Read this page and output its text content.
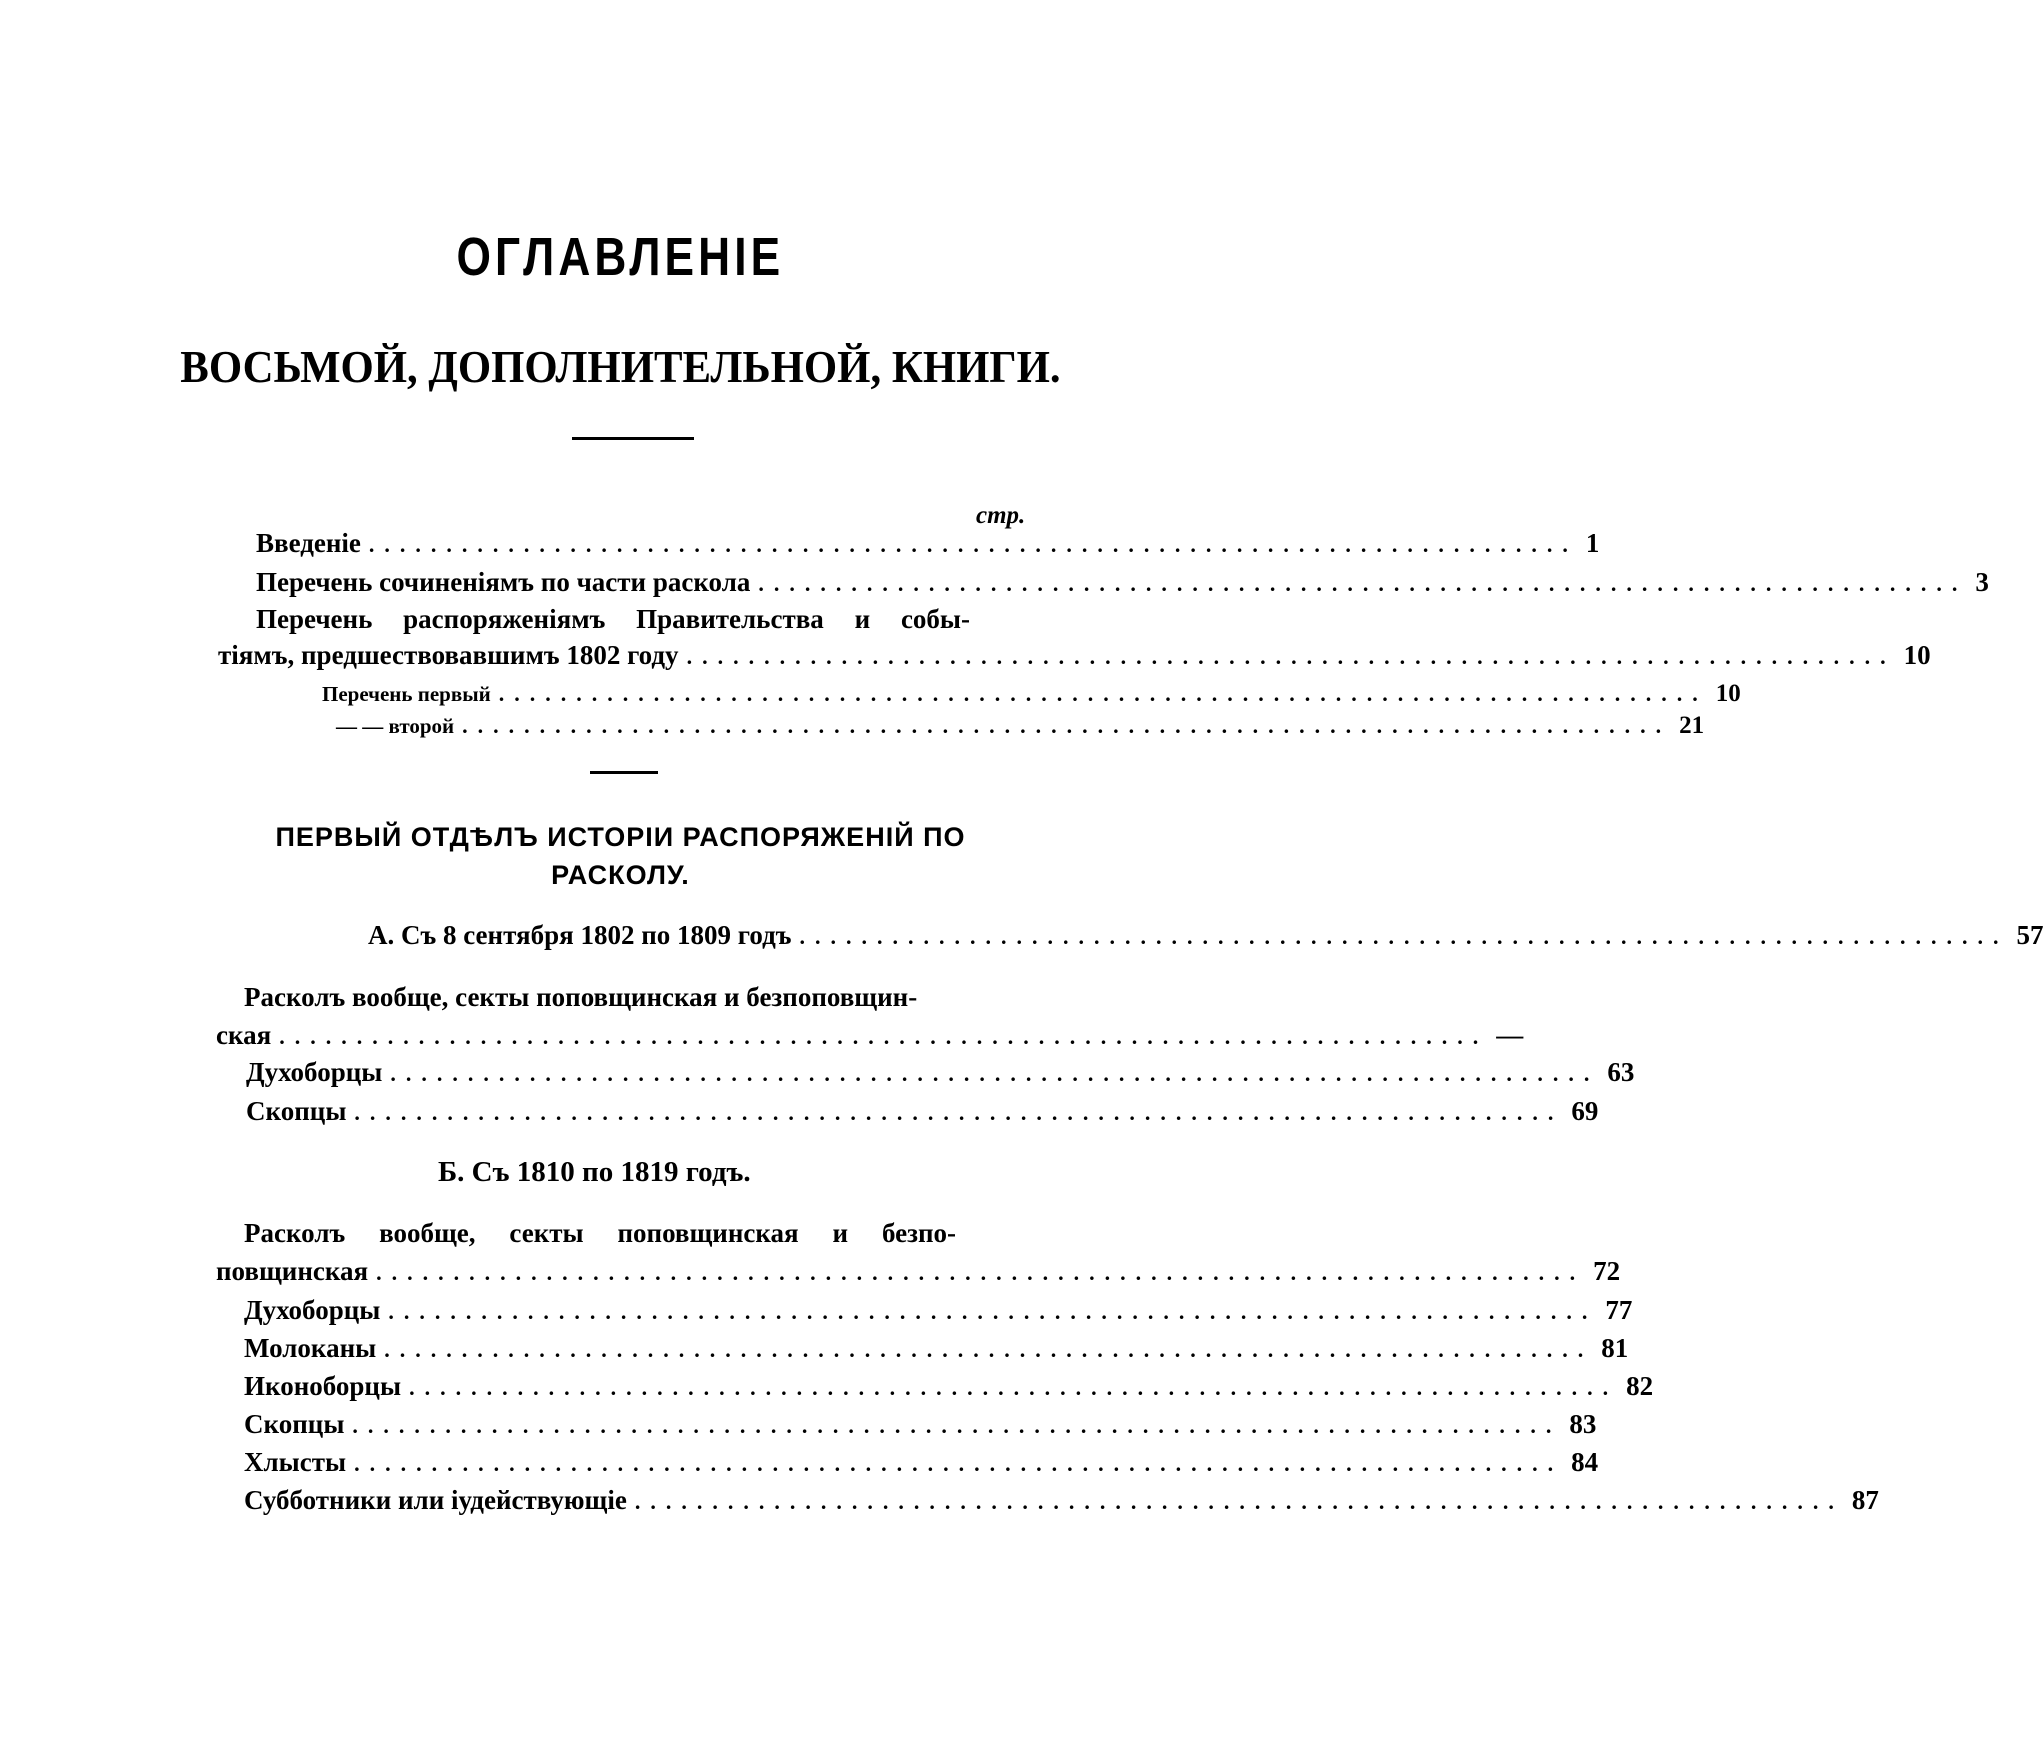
ОГЛАВЛЕНІЕ
ВОСЬМОЙ, ДОПОЛНИТЕЛЬНОЙ, КНИГИ.
стр.
Введеніе .............................................................................. 1
Перечень сочиненіямъ по части раскола .............................................................................. 3
Перечень распоряженіямъ Правительства и собы-
тіямъ, предшествовавшимъ 1802 году .............................................................................. 10
Перечень первый .............................................................................. 10
— — второй .............................................................................. 21
ПЕРВЫЙ ОТДѢЛЪ ИСТОРІИ РАСПОРЯЖЕНІЙ ПО
РАСКОЛУ.
А. Съ 8 сентября 1802 по 1809 годъ .............................................................................. 57
Расколъ вообще, секты поповщинская и безпоповщин-
ская .............................................................................. —
Духоборцы .............................................................................. 63
Скопцы .............................................................................. 69
Б. Съ 1810 по 1819 годъ.
Расколъ вообще, секты поповщинская и безпо-
повщинская .............................................................................. 72
Духоборцы .............................................................................. 77
Молоканы .............................................................................. 81
Иконоборцы .............................................................................. 82
Скопцы .............................................................................. 83
Хлысты .............................................................................. 84
Субботники или іудействующіе .............................................................................. 87
